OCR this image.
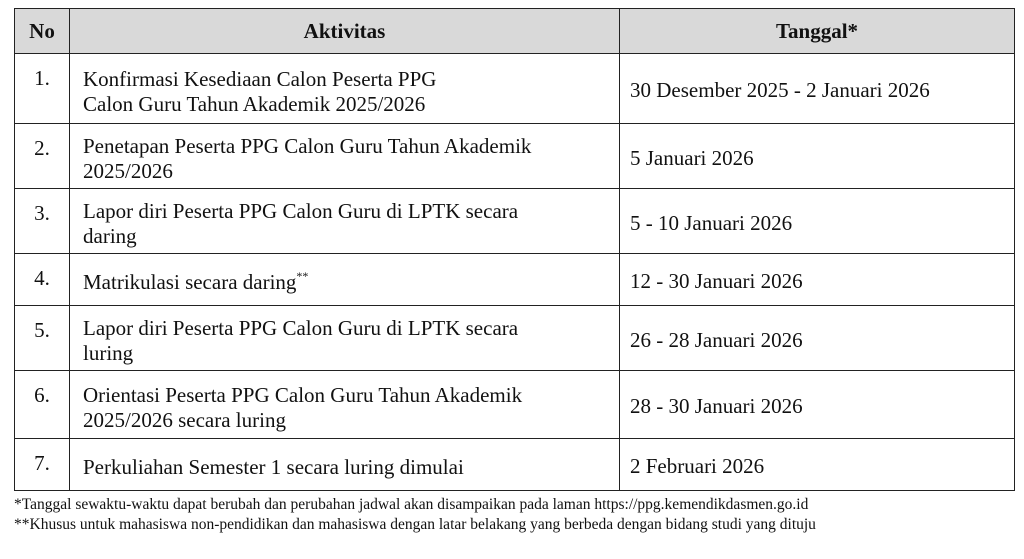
No	Aktivitas	Tanggal*
1.	Konfirmasi Kesediaan Calon Peserta PPG
Calon Guru Tahun Akademik 2025/2026	30 Desember 2025 - 2 Januari 2026
2.	Penetapan Peserta PPG Calon Guru Tahun Akademik
2025/2026	5 Januari 2026
3.	Lapor diri Peserta PPG Calon Guru di LPTK secara
daring	5 - 10 Januari 2026
4.	Matrikulasi secara daring**	12 - 30 Januari 2026
5.	Lapor diri Peserta PPG Calon Guru di LPTK secara
luring	26 - 28 Januari 2026
6.	Orientasi Peserta PPG Calon Guru Tahun Akademik
2025/2026 secara luring	28 - 30 Januari 2026
7.	Perkuliahan Semester 1 secara luring dimulai	2 Februari 2026
*Tanggal sewaktu-waktu dapat berubah dan perubahan jadwal akan disampaikan pada laman https://ppg.kemendikdasmen.go.id
**Khusus untuk mahasiswa non-pendidikan dan mahasiswa dengan latar belakang yang berbeda dengan bidang studi yang dituju
